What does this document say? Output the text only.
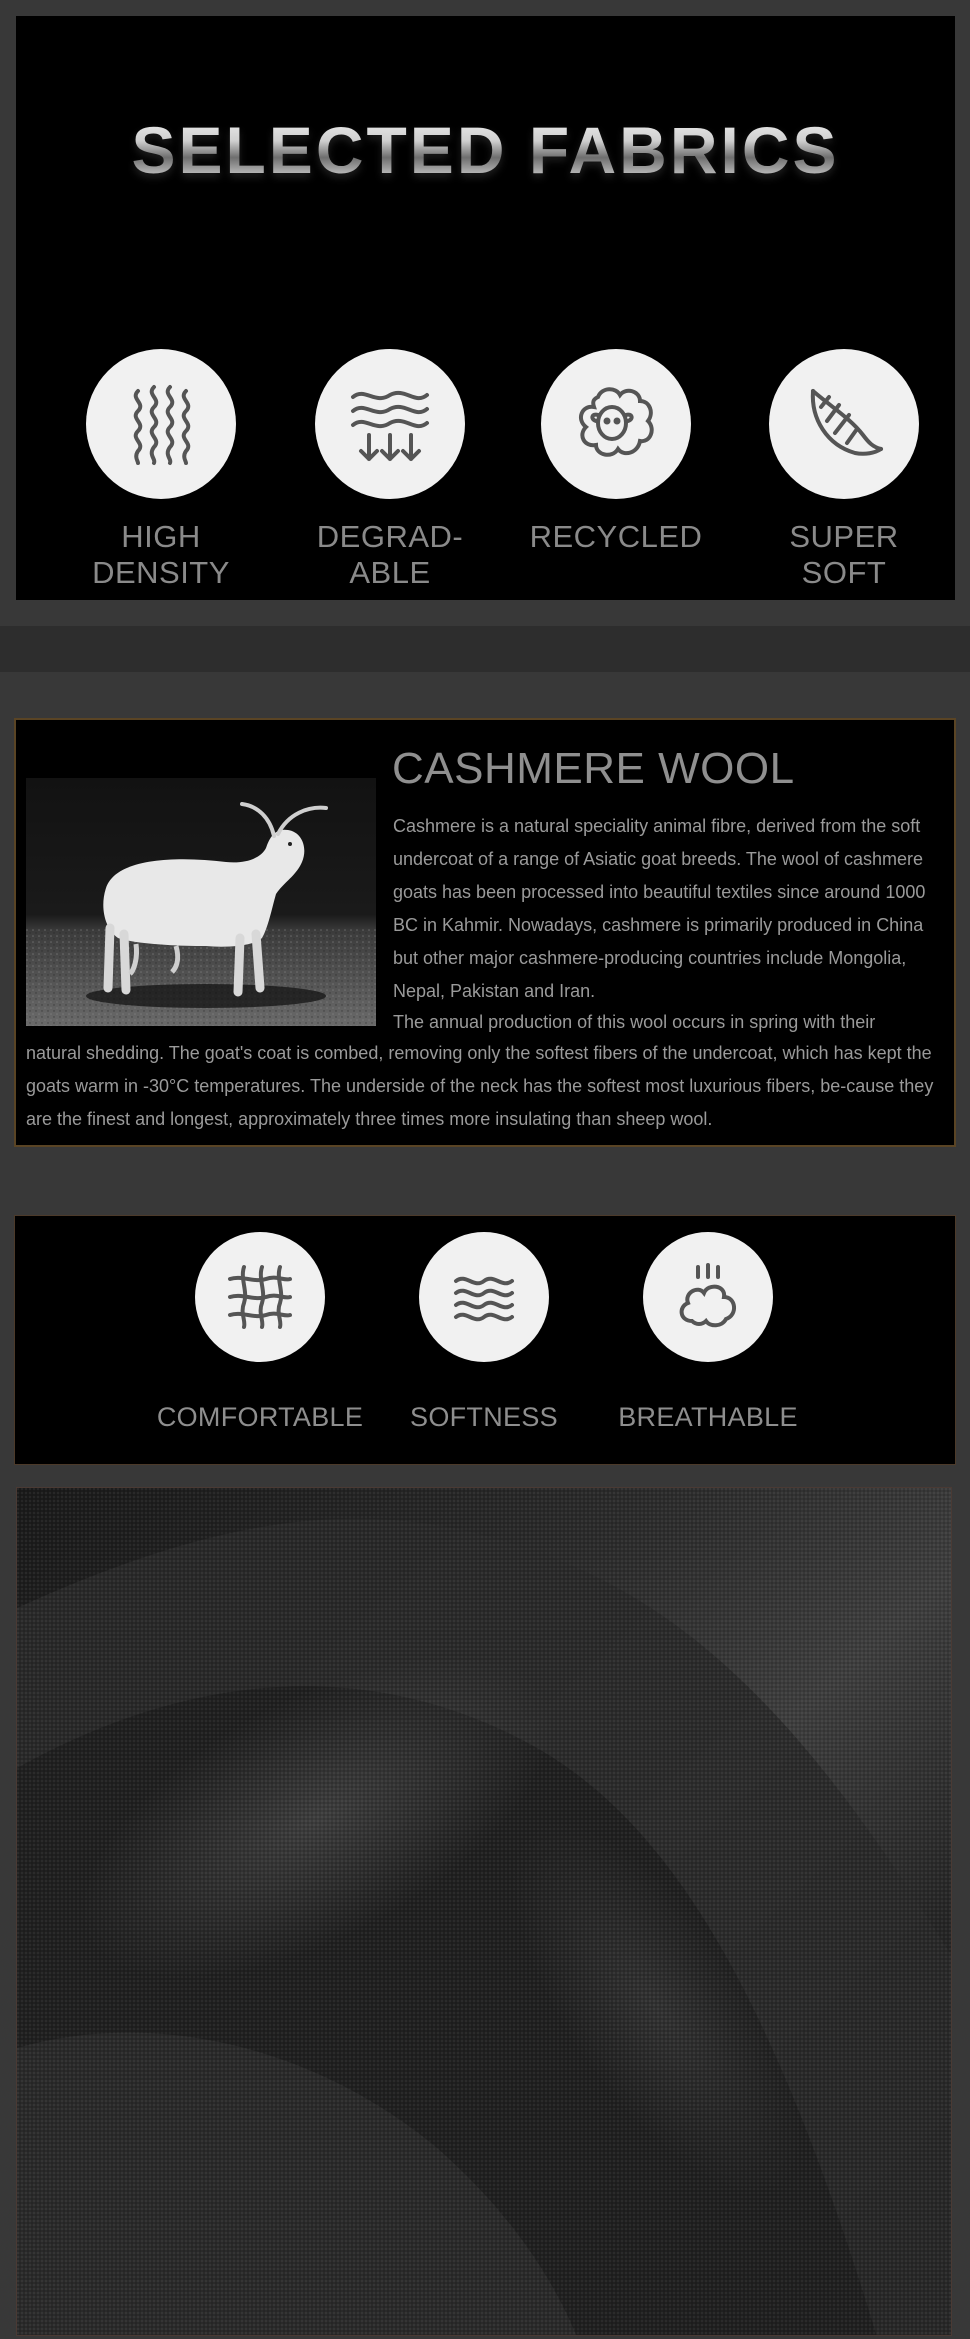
SELECTED FABRICS
HIGH
DENSITY
DEGRAD-
ABLE
RECYCLED	SUPER
SOFT
CASHMERE WOOL

Cashmere is a natural speciality animal fibre, derived from the soft undercoat of a range of Asiatic goat breeds. The wool of cashmere goats has been processed into beautiful textiles since around 1000 BC in Kahmir. Nowadays, cashmere is primarily produced in China but other major cashmere-producing countries include Mongolia, Nepal, Pakistan and Iran.

The annual production of this wool occurs in spring with their

natural shedding. The goat's coat is combed, removing only the softest fibers of the undercoat, which has kept the goats warm in -30°C temperatures. The underside of the neck has the softest most luxurious fibers, be-cause they are the finest and longest, approximately three times more insulating than sheep wool.

COMFORTABLE	SOFTNESS	BREATHABLE
